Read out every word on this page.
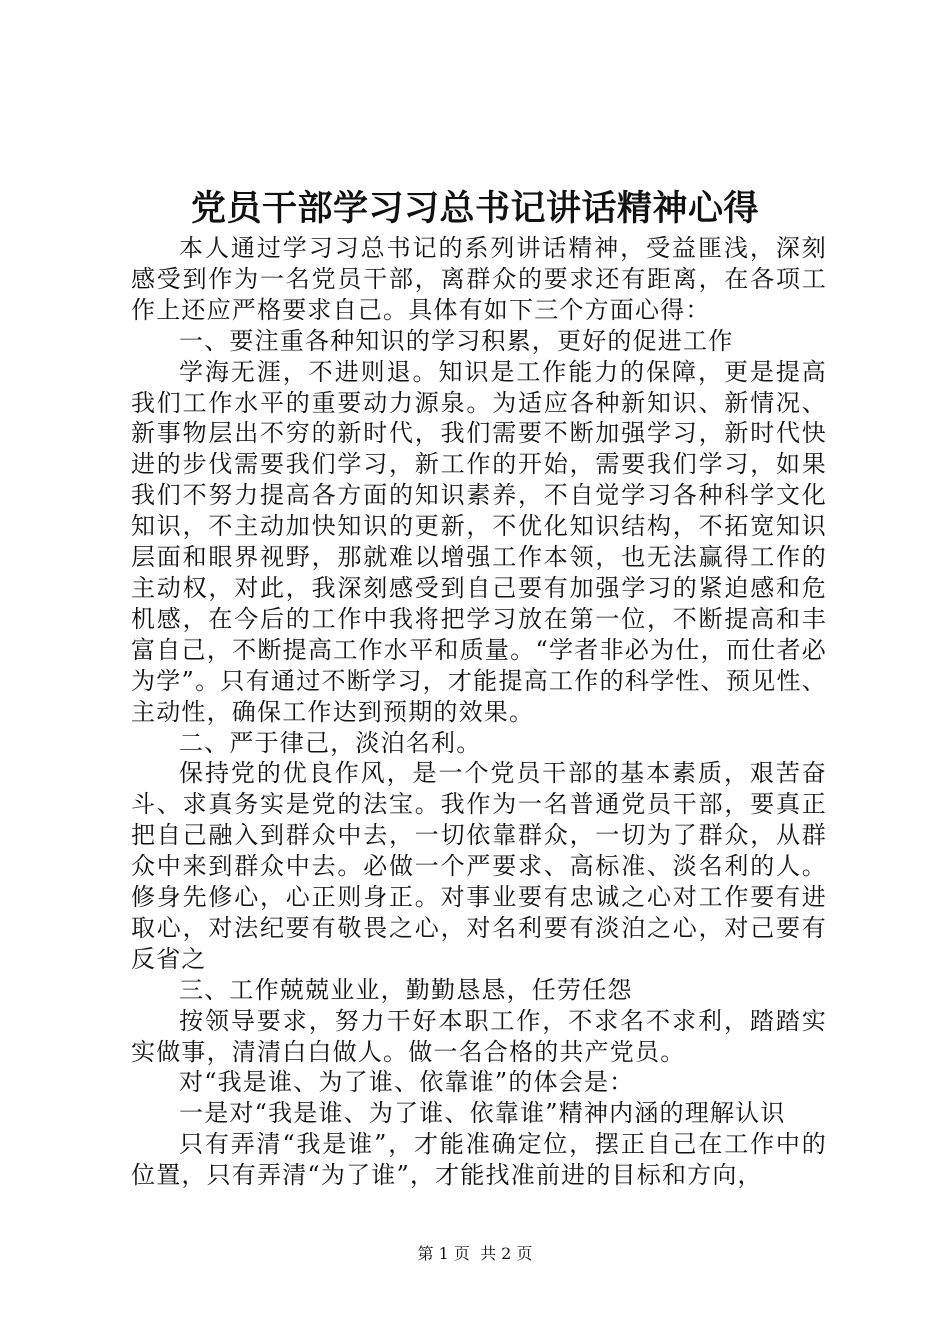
党员干部学习习总书记讲话精神心得

本人通过学习习总书记的系列讲话精神，受益匪浅，深刻感受到作为一名党员干部，离群众的要求还有距离，在各项工作上还应严格要求自己。具体有如下三个方面心得：

一、要注重各种知识的学习积累，更好的促进工作

学海无涯，不进则退。知识是工作能力的保障，更是提高我们工作水平的重要动力源泉。为适应各种新知识、新情况、新事物层出不穷的新时代，我们需要不断加强学习，新时代快进的步伐需要我们学习，新工作的开始，需要我们学习，如果我们不努力提高各方面的知识素养，不自觉学习各种科学文化知识，不主动加快知识的更新，不优化知识结构，不拓宽知识层面和眼界视野，那就难以增强工作本领，也无法赢得工作的主动权，对此，我深刻感受到自己要有加强学习的紧迫感和危机感，在今后的工作中我将把学习放在第一位，不断提高和丰富自己，不断提高工作水平和质量。“学者非必为仕，而仕者必为学”。只有通过不断学习，才能提高工作的科学性、预见性、主动性，确保工作达到预期的效果。

二、严于律己，淡泊名利。

保持党的优良作风，是一个党员干部的基本素质，艰苦奋斗、求真务实是党的法宝。我作为一名普通党员干部，要真正把自己融入到群众中去，一切依靠群众，一切为了群众，从群众中来到群众中去。必做一个严要求、高标准、淡名利的人。修身先修心，心正则身正。对事业要有忠诚之心对工作要有进取心，对法纪要有敬畏之心，对名利要有淡泊之心，对己要有反省之

三、工作兢兢业业，勤勤恳恳，任劳任怨

按领导要求，努力干好本职工作，不求名不求利，踏踏实实做事，清清白白做人。做一名合格的共产党员。

对“我是谁、为了谁、依靠谁”的体会是：

一是对“我是谁、为了谁、依靠谁”精神内涵的理解认识

只有弄清“我是谁”，才能准确定位，摆正自己在工作中的位置，只有弄清“为了谁”，才能找准前进的目标和方向，

第 1 页  共 2 页
